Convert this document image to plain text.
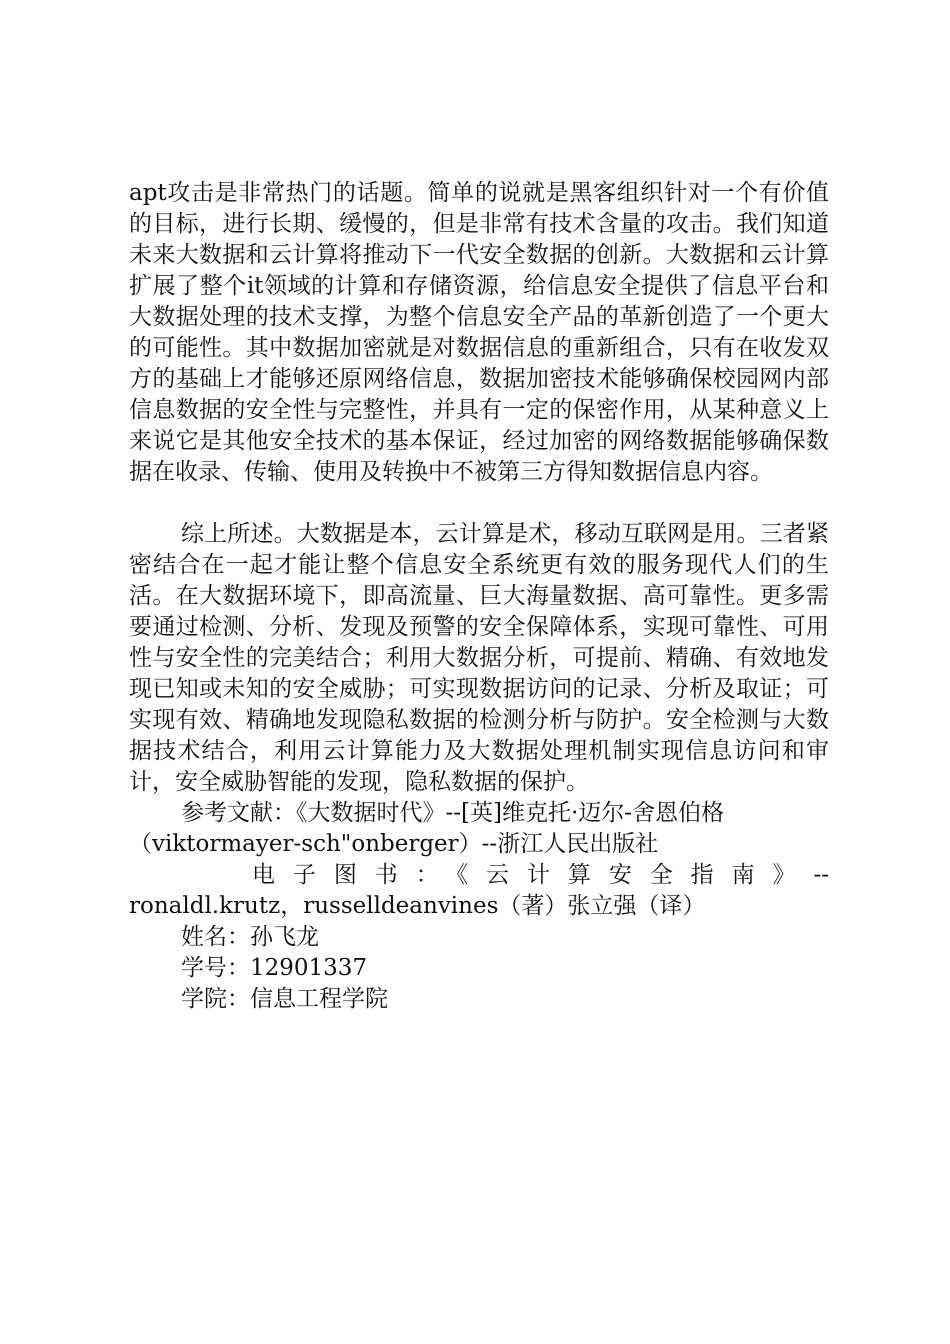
apt攻击是非常热门的话题。简单的说就是黑客组织针对一个有价值的目标，进行长期、缓慢的，但是非常有技术含量的攻击。我们知道未来大数据和云计算将推动下一代安全数据的创新。大数据和云计算扩展了整个it领域的计算和存储资源，给信息安全提供了信息平台和大数据处理的技术支撑，为整个信息安全产品的革新创造了一个更大的可能性。其中数据加密就是对数据信息的重新组合，只有在收发双方的基础上才能够还原网络信息，数据加密技术能够确保校园网内部信息数据的安全性与完整性，并具有一定的保密作用，从某种意义上来说它是其他安全技术的基本保证，经过加密的网络数据能够确保数据在收录、传输、使用及转换中不被第三方得知数据信息内容。

综上所述。大数据是本，云计算是术，移动互联网是用。三者紧密结合在一起才能让整个信息安全系统更有效的服务现代人们的生活。在大数据环境下，即高流量、巨大海量数据、高可靠性。更多需要通过检测、分析、发现及预警的安全保障体系，实现可靠性、可用性与安全性的完美结合；利用大数据分析，可提前、精确、有效地发现已知或未知的安全威胁；可实现数据访问的记录、分析及取证；可实现有效、精确地发现隐私数据的检测分析与防护。安全检测与大数据技术结合，利用云计算能力及大数据处理机制实现信息访问和审计，安全威胁智能的发现，隐私数据的保护。

参考文献：《大数据时代》--[英]维克托·迈尔-舍恩伯格

（viktormayer-sch"onberger）--浙江人民出版社

电子图书：《云计算安全指南》--

ronaldl.krutz，russelldeanvines（著）张立强（译）

姓名：孙飞龙

学号：12901337

学院：信息工程学院
